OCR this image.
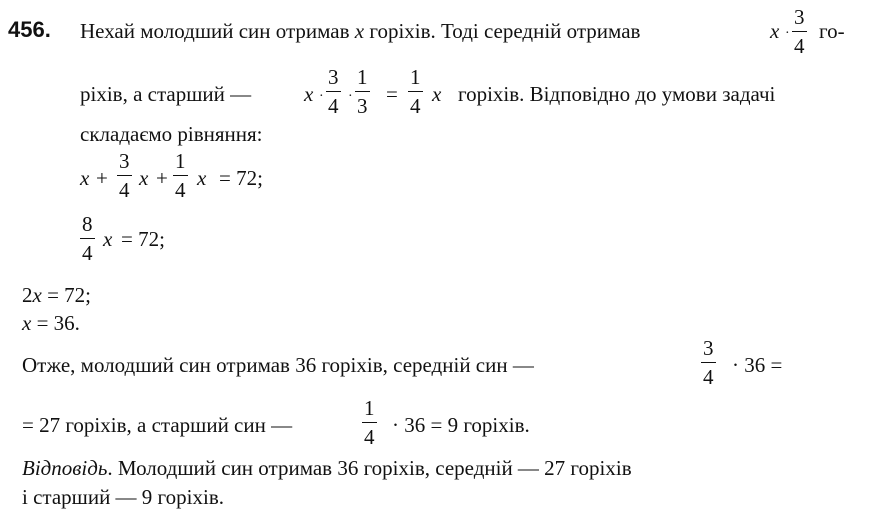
456. Нехай молодший син отримав x горіхів. Тоді середній отримав	x ·
3
4
го-
ріхів, а старший —	x ·
3
4 ·
1
3 =
1
4 x горіхів. Відповідно до умови задачі
складаємо рівняння:
x +
3
4 x +
1
4 x = 72;
8
4
x = 72;
2x = 72;
x = 36.
Отже, молодший син отримав 36 горіхів, середній син —
3
4 · 36 =
= 27 горіхів, а старший син —
1
4 · 36 = 9 горіхів.
Відповідь. Молодший син отримав 36 горіхів, середній — 27 горіхів
і старший — 9 горіхів.
